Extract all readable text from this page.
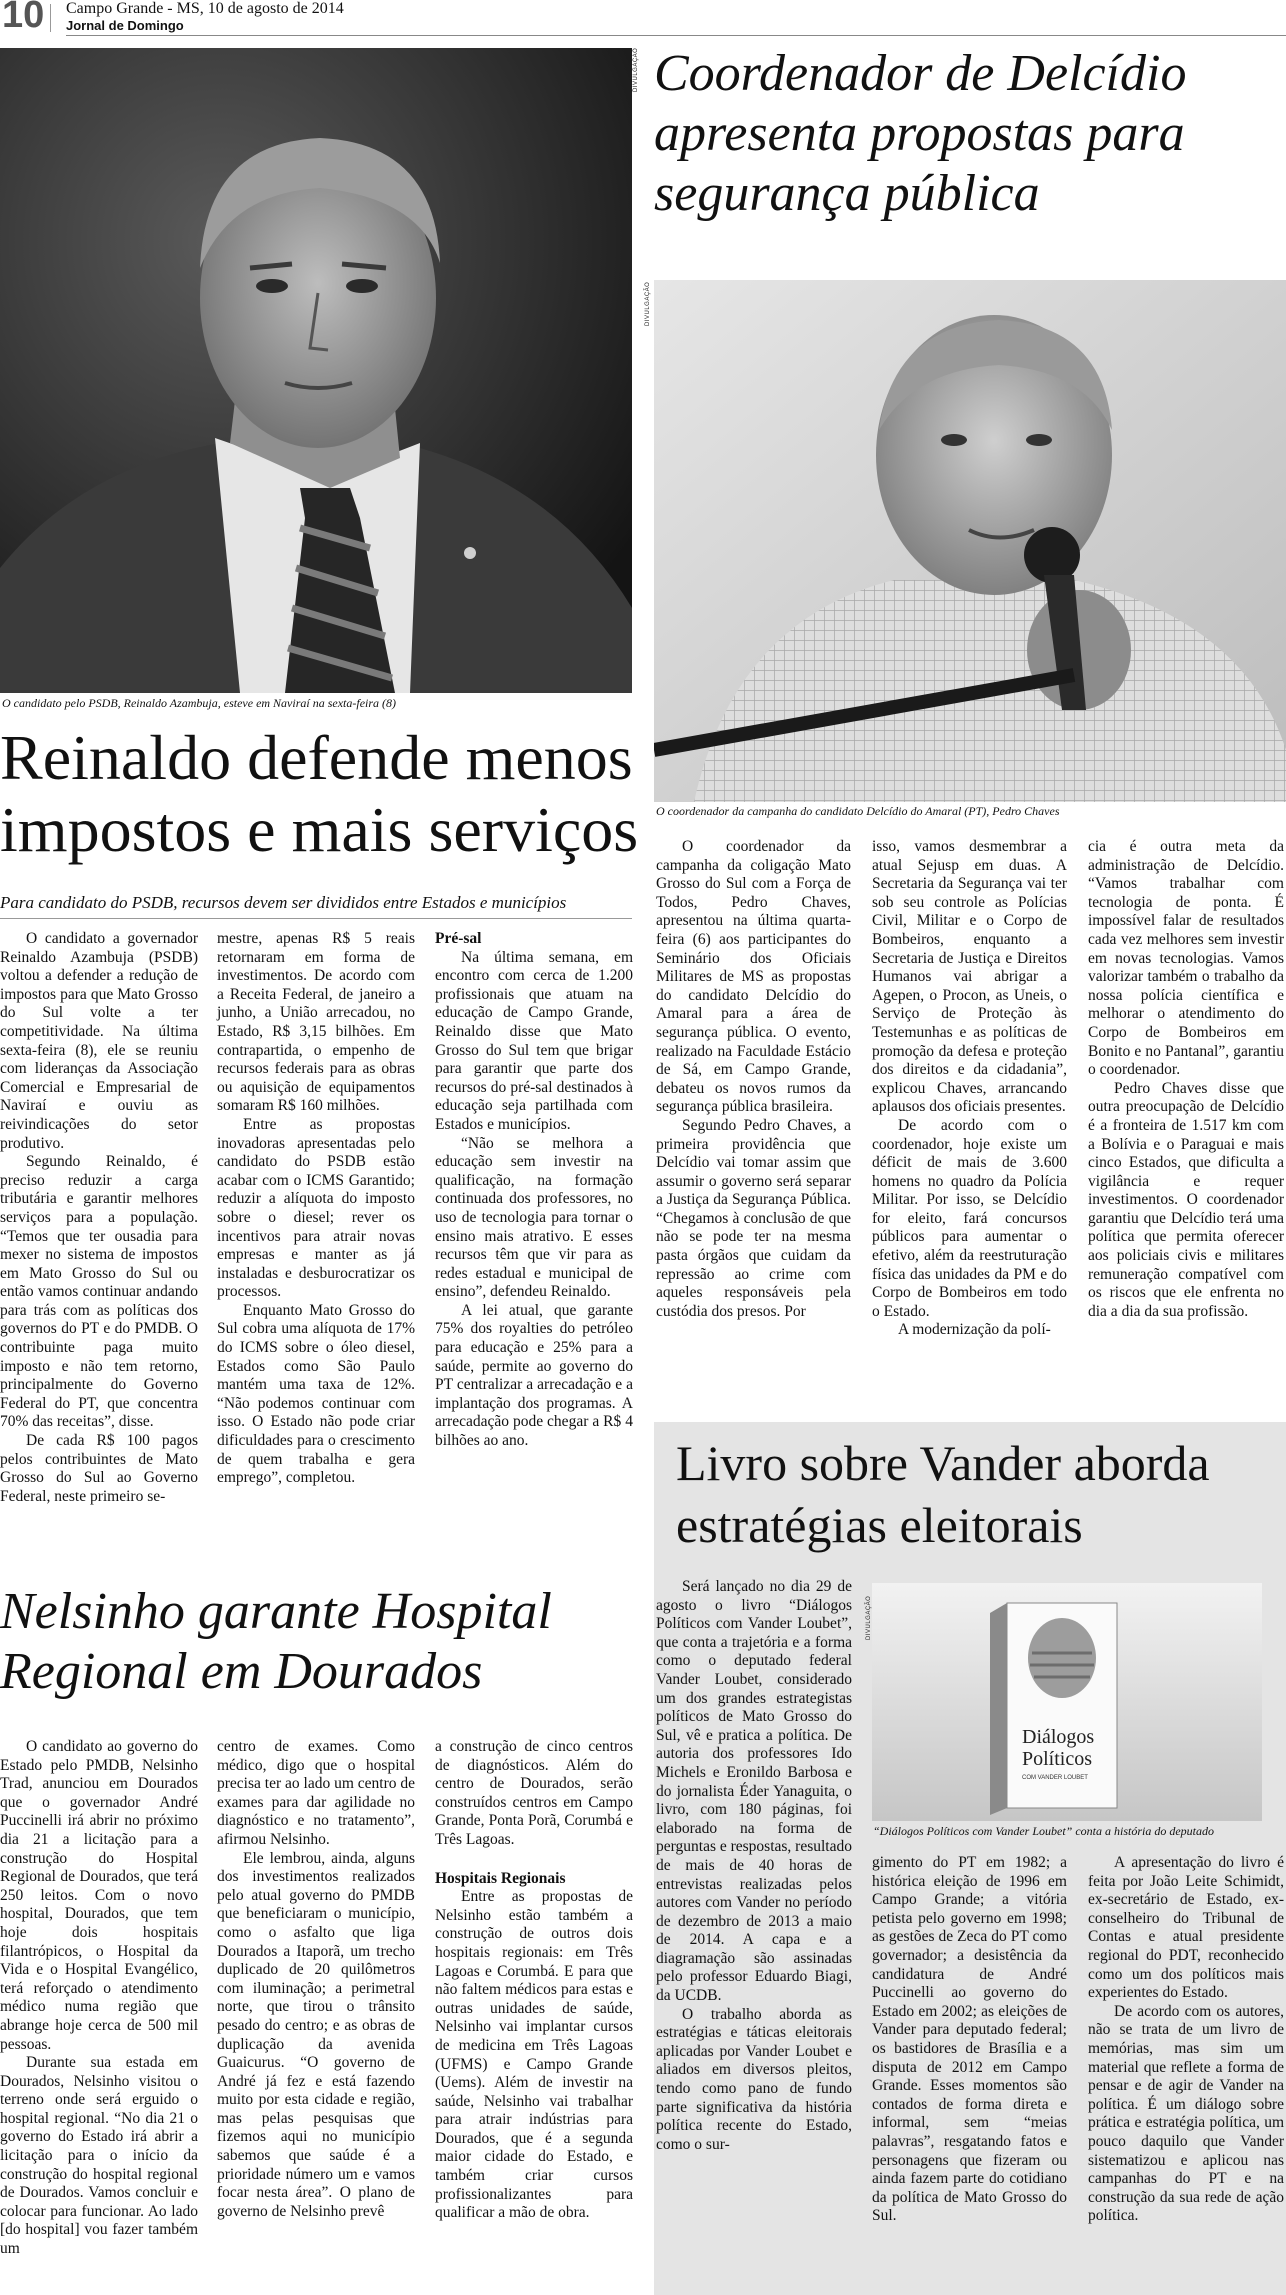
10 Campo Grande - MS, 10 de agosto de 2014
Jornal de Domingo
DIVULGAÇÃO
O candidato pelo PSDB, Reinaldo Azambuja, esteve em Naviraí na sexta-feira (8)
Coordenador de Delcídio apresenta propostas para segurança pública
DIVULGAÇÃO
O coordenador da campanha do candidato Delcídio do Amaral (PT), Pedro Chaves
Reinaldo defende menos impostos e mais serviços
Para candidato do PSDB, recursos devem ser divididos entre Estados e municípios

O candidato a governador Reinaldo Azambuja (PSDB) voltou a defender a redução de impostos para que Mato Grosso do Sul volte a ter competitividade. Na última sexta-feira (8), ele se reuniu com lideranças da Associação Comercial e Empresarial de Naviraí e ouviu as reivindicações do setor produtivo.

Segundo Reinaldo, é preciso reduzir a carga tributária e garantir melhores serviços para a população. “Temos que ter ousadia para mexer no sistema de impostos em Mato Grosso do Sul ou então vamos continuar andando para trás com as políticas dos governos do PT e do PMDB. O contribuinte paga muito imposto e não tem retorno, principalmente do Governo Federal do PT, que concentra 70% das receitas”, disse.

De cada R$ 100 pagos pelos contribuintes de Mato Grosso do Sul ao Governo Federal, neste primeiro se-

mestre, apenas R$ 5 reais retornaram em forma de investimentos. De acordo com a Receita Federal, de janeiro a junho, a União arrecadou, no Estado, R$ 3,15 bilhões. Em contrapartida, o empenho de recursos federais para as obras ou aquisição de equipamentos somaram R$ 160 milhões.

Entre as propostas inovadoras apresentadas pelo candidato do PSDB estão acabar com o ICMS Garantido; reduzir a alíquota do imposto sobre o diesel; rever os incentivos para atrair novas empresas e manter as já instaladas e desburocratizar os processos.

Enquanto Mato Grosso do Sul cobra uma alíquota de 17% do ICMS sobre o óleo diesel, Estados como São Paulo mantém uma taxa de 12%. “Não podemos continuar com isso. O Estado não pode criar dificuldades para o crescimento de quem trabalha e gera emprego”, completou.

Pré-sal

Na última semana, em encontro com cerca de 1.200 profissionais que atuam na educação de Campo Grande, Reinaldo disse que Mato Grosso do Sul tem que brigar para garantir que parte dos recursos do pré-sal destinados à educação seja partilhada com Estados e municípios.

“Não se melhora a educação sem investir na qualificação, na formação continuada dos professores, no uso de tecnologia para tornar o ensino mais atrativo. E esses recursos têm que vir para as redes estadual e municipal de ensino”, defendeu Reinaldo.

A lei atual, que garante 75% dos royalties do petróleo para educação e 25% para a saúde, permite ao governo do PT centralizar a arrecadação e a implantação dos programas. A arrecadação pode chegar a R$ 4 bilhões ao ano.

O coordenador da campanha da coligação Mato Grosso do Sul com a Força de Todos, Pedro Chaves, apresentou na última quarta-feira (6) aos participantes do Seminário dos Oficiais Militares de MS as propostas do candidato Delcídio do Amaral para a área de segurança pública. O evento, realizado na Faculdade Estácio de Sá, em Campo Grande, debateu os novos rumos da segurança pública brasileira.

Segundo Pedro Chaves, a primeira providência que Delcídio vai tomar assim que assumir o governo será separar a Justiça da Segurança Pública. “Chegamos à conclusão de que não se pode ter na mesma pasta órgãos que cuidam da repressão ao crime com aqueles responsáveis pela custódia dos presos. Por

isso, vamos desmembrar a atual Sejusp em duas. A Secretaria da Segurança vai ter sob seu controle as Polícias Civil, Militar e o Corpo de Bombeiros, enquanto a Secretaria de Justiça e Direitos Humanos vai abrigar a Agepen, o Procon, as Uneis, o Serviço de Proteção às Testemunhas e as políticas de promoção da defesa e proteção dos direitos e da cidadania”, explicou Chaves, arrancando aplausos dos oficiais presentes.

De acordo com o coordenador, hoje existe um déficit de mais de 3.600 homens no quadro da Polícia Militar. Por isso, se Delcídio for eleito, fará concursos públicos para aumentar o efetivo, além da reestruturação física das unidades da PM e do Corpo de Bombeiros em todo o Estado.

A modernização da polí-

cia é outra meta da administração de Delcídio. “Vamos trabalhar com tecnologia de ponta. É impossível falar de resultados cada vez melhores sem investir em novas tecnologias. Vamos valorizar também o trabalho da nossa polícia científica e melhorar o atendimento do Corpo de Bombeiros em Bonito e no Pantanal”, garantiu o coordenador.

Pedro Chaves disse que outra preocupação de Delcídio é a fronteira de 1.517 km com a Bolívia e o Paraguai e mais cinco Estados, que dificulta a vigilância e requer investimentos. O coordenador garantiu que Delcídio terá uma política que permita oferecer aos policiais civis e militares remuneração compatível com os riscos que ele enfrenta no dia a dia da sua profissão.

Nelsinho garante Hospital Regional em Dourados

O candidato ao governo do Estado pelo PMDB, Nelsinho Trad, anunciou em Dourados que o governador André Puccinelli irá abrir no próximo dia 21 a licitação para a construção do Hospital Regional de Dourados, que terá 250 leitos. Com o novo hospital, Dourados, que tem hoje dois hospitais filantrópicos, o Hospital da Vida e o Hospital Evangélico, terá reforçado o atendimento médico numa região que abrange hoje cerca de 500 mil pessoas.

Durante sua estada em Dourados, Nelsinho visitou o terreno onde será erguido o hospital regional. “No dia 21 o governo do Estado irá abrir a licitação para o início da construção do hospital regional de Dourados. Vamos concluir e colocar para funcionar. Ao lado [do hospital] vou fazer também um

centro de exames. Como médico, digo que o hospital precisa ter ao lado um centro de exames para dar agilidade no diagnóstico e no tratamento”, afirmou Nelsinho.

Ele lembrou, ainda, alguns dos investimentos realizados pelo atual governo do PMDB que beneficiaram o município, como o asfalto que liga Dourados a Itaporã, um trecho duplicado de 20 quilômetros com iluminação; a perimetral norte, que tirou o trânsito pesado do centro; e as obras de duplicação da avenida Guaicurus. “O governo de André já fez e está fazendo muito por esta cidade e região, mas pelas pesquisas que fizemos aqui no município sabemos que saúde é a prioridade número um e vamos focar nesta área”. O plano de governo de Nelsinho prevê

a construção de cinco centros de diagnósticos. Além do centro de Dourados, serão construídos centros em Campo Grande, Ponta Porã, Corumbá e Três Lagoas.

Hospitais Regionais

Entre as propostas de Nelsinho estão também a construção de outros dois hospitais regionais: em Três Lagoas e Corumbá. E para que não faltem médicos para estas e outras unidades de saúde, Nelsinho vai implantar cursos de medicina em Três Lagoas (UFMS) e Campo Grande (Uems). Além de investir na saúde, Nelsinho vai trabalhar para atrair indústrias para Dourados, que é a segunda maior cidade do Estado, e também criar cursos profissionalizantes para qualificar a mão de obra.

Livro sobre Vander aborda estratégias eleitorais
Diálogos
Políticos
COM VANDER LOUBET
DIVULGAÇÃO
“Diálogos Políticos com Vander Loubet” conta a história do deputado

Será lançado no dia 29 de agosto o livro “Diálogos Políticos com Vander Loubet”, que conta a trajetória e a forma como o deputado federal Vander Loubet, considerado um dos grandes estrategistas políticos de Mato Grosso do Sul, vê e pratica a política. De autoria dos professores Ido Michels e Eronildo Barbosa e do jornalista Éder Yanaguita, o livro, com 180 páginas, foi elaborado na forma de perguntas e respostas, resultado de mais de 40 horas de entrevistas realizadas pelos autores com Vander no período de dezembro de 2013 a maio de 2014. A capa e a diagramação são assinadas pelo professor Eduardo Biagi, da UCDB.

O trabalho aborda as estratégias e táticas eleitorais aplicadas por Vander Loubet e aliados em diversos pleitos, tendo como pano de fundo parte significativa da história política recente do Estado, como o sur-

gimento do PT em 1982; a histórica eleição de 1996 em Campo Grande; a vitória petista pelo governo em 1998; as gestões de Zeca do PT como governador; a desistência da candidatura de André Puccinelli ao governo do Estado em 2002; as eleições de Vander para deputado federal; os bastidores de Brasília e a disputa de 2012 em Campo Grande. Esses momentos são contados de forma direta e informal, sem “meias palavras”, resgatando fatos e personagens que fizeram ou ainda fazem parte do cotidiano da política de Mato Grosso do Sul.

A apresentação do livro é feita por João Leite Schimidt, ex-secretário de Estado, ex-conselheiro do Tribunal de Contas e atual presidente regional do PDT, reconhecido como um dos políticos mais experientes do Estado.

De acordo com os autores, não se trata de um livro de memórias, mas sim um material que reflete a forma de pensar e de agir de Vander na política. É um diálogo sobre prática e estratégia política, um pouco daquilo que Vander sistematizou e aplicou nas campanhas do PT e na construção da sua rede de ação política.
